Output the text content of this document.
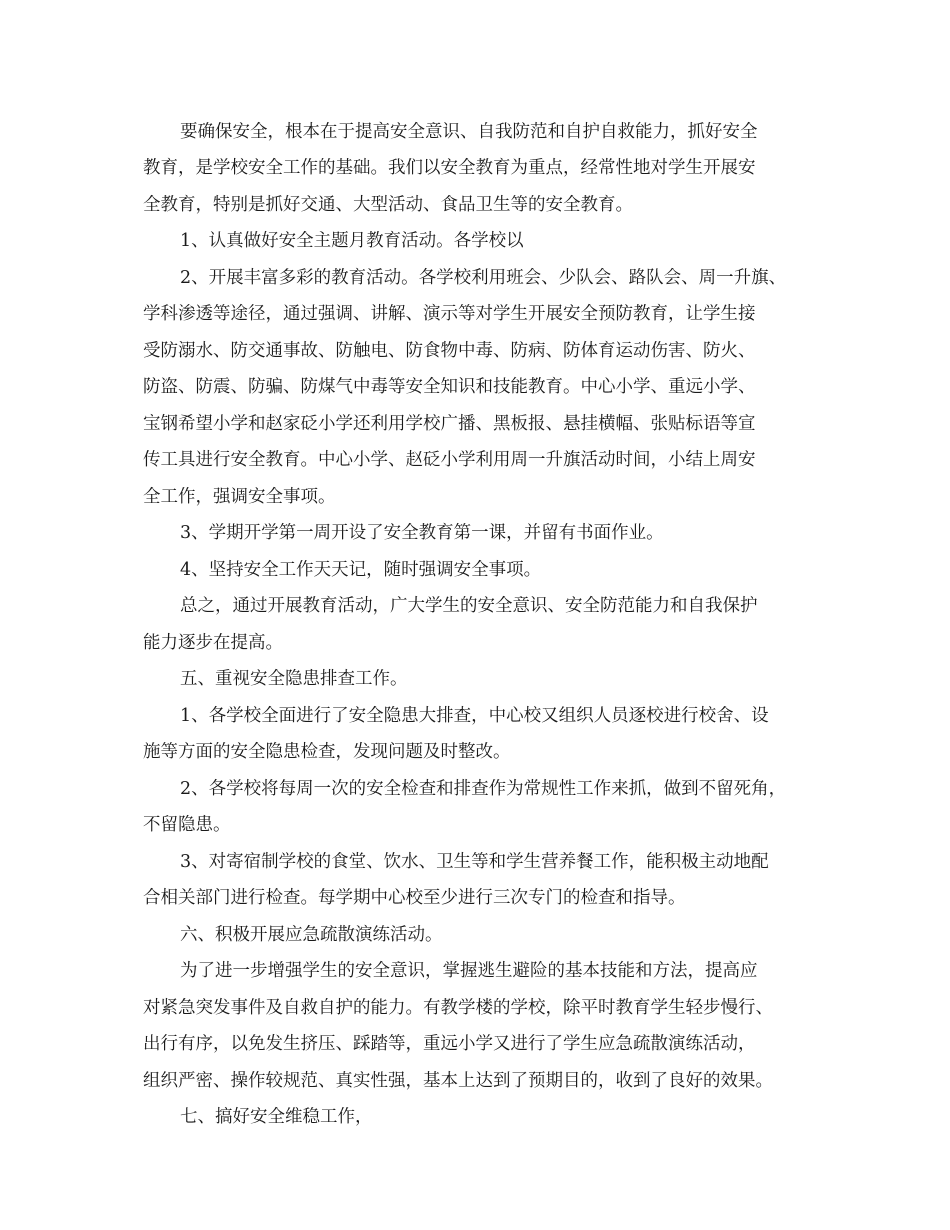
要确保安全，根本在于提高安全意识、自我防范和自护自救能力，抓好安全
教育，是学校安全工作的基础。我们以安全教育为重点，经常性地对学生开展安
全教育，特别是抓好交通、大型活动、食品卫生等的安全教育。
1、认真做好安全主题月教育活动。各学校以
2、开展丰富多彩的教育活动。各学校利用班会、少队会、路队会、周一升旗、
学科渗透等途径，通过强调、讲解、演示等对学生开展安全预防教育，让学生接
受防溺水、防交通事故、防触电、防食物中毒、防病、防体育运动伤害、防火、
防盗、防震、防骗、防煤气中毒等安全知识和技能教育。中心小学、重远小学、
宝钢希望小学和赵家砭小学还利用学校广播、黑板报、悬挂横幅、张贴标语等宣
传工具进行安全教育。中心小学、赵砭小学利用周一升旗活动时间，小结上周安
全工作，强调安全事项。
3、学期开学第一周开设了安全教育第一课，并留有书面作业。
4、坚持安全工作天天记，随时强调安全事项。
总之，通过开展教育活动，广大学生的安全意识、安全防范能力和自我保护
能力逐步在提高。
五、重视安全隐患排查工作。
1、各学校全面进行了安全隐患大排查，中心校又组织人员逐校进行校舍、设
施等方面的安全隐患检查，发现问题及时整改。
2、各学校将每周一次的安全检查和排查作为常规性工作来抓，做到不留死角，
不留隐患。
3、对寄宿制学校的食堂、饮水、卫生等和学生营养餐工作，能积极主动地配
合相关部门进行检查。每学期中心校至少进行三次专门的检查和指导。
六、积极开展应急疏散演练活动。
为了进一步增强学生的安全意识，掌握逃生避险的基本技能和方法，提高应
对紧急突发事件及自救自护的能力。有教学楼的学校，除平时教育学生轻步慢行、
出行有序，以免发生挤压、踩踏等，重远小学又进行了学生应急疏散演练活动，
组织严密、操作较规范、真实性强，基本上达到了预期目的，收到了良好的效果。
七、搞好安全维稳工作，
